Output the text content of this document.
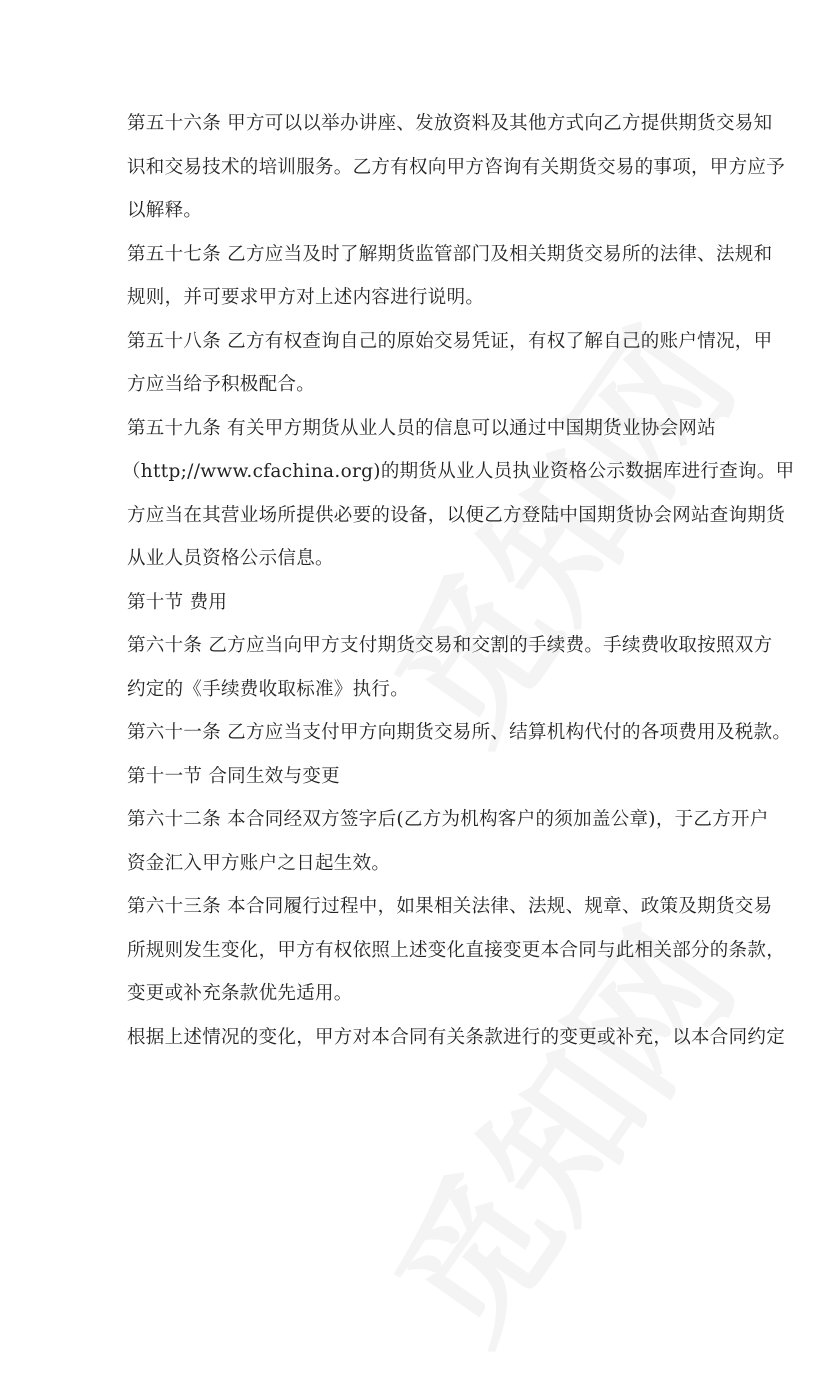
第五十六条 甲方可以以举办讲座、发放资料及其他方式向乙方提供期货交易知
识和交易技术的培训服务。乙方有权向甲方咨询有关期货交易的事项，甲方应予
以解释。
第五十七条 乙方应当及时了解期货监管部门及相关期货交易所的法律、法规和
规则，并可要求甲方对上述内容进行说明。
第五十八条 乙方有权查询自己的原始交易凭证，有权了解自己的账户情况，甲
方应当给予积极配合。
第五十九条 有关甲方期货从业人员的信息可以通过中国期货业协会网站
（http;//www.cfachina.org)的期货从业人员执业资格公示数据库进行查询。甲
方应当在其营业场所提供必要的设备，以便乙方登陆中国期货协会网站查询期货
从业人员资格公示信息。
第十节 费用
第六十条 乙方应当向甲方支付期货交易和交割的手续费。手续费收取按照双方
约定的《手续费收取标准》执行。
第六十一条 乙方应当支付甲方向期货交易所、结算机构代付的各项费用及税款。
第十一节 合同生效与变更
第六十二条 本合同经双方签字后(乙方为机构客户的须加盖公章)，于乙方开户
资金汇入甲方账户之日起生效。
第六十三条 本合同履行过程中，如果相关法律、法规、规章、政策及期货交易
所规则发生变化，甲方有权依照上述变化直接变更本合同与此相关部分的条款，
变更或补充条款优先适用。
根据上述情况的变化，甲方对本合同有关条款进行的变更或补充，以本合同约定
